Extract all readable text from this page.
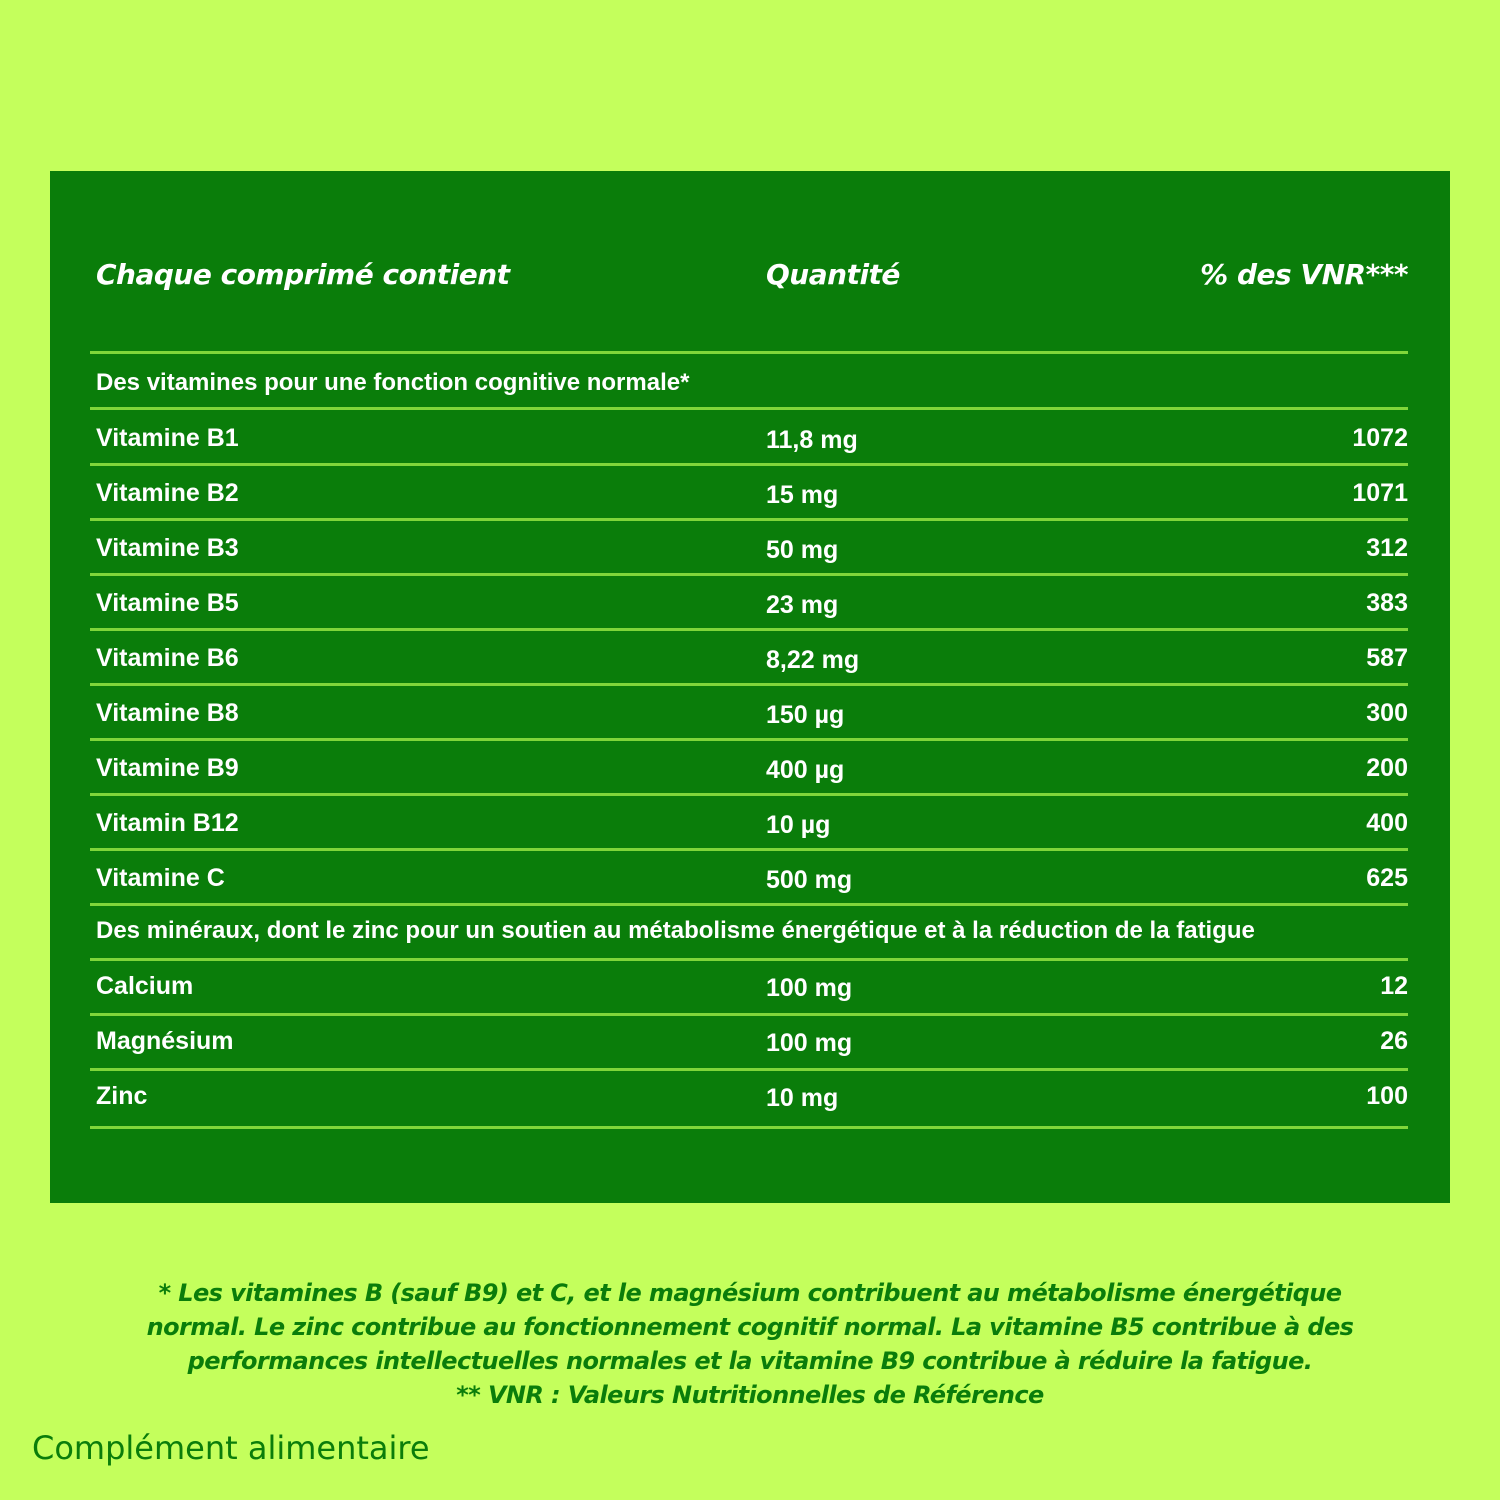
Chaque comprimé contient	Quantité	% des VNR***
Des vitamines pour une fonction cognitive normale*
Vitamine B1	11,8 mg	1072
Vitamine B2	15 mg	1071
Vitamine B3	50 mg	312
Vitamine B5	23 mg	383
Vitamine B6	8,22 mg	587
Vitamine B8	150 µg	300
Vitamine B9	400 µg	200
Vitamin B12	10 µg	400
Vitamine C	500 mg	625
Des minéraux, dont le zinc pour un soutien au métabolisme énergétique et à la réduction de la fatigue
Calcium	100 mg	12
Magnésium	100 mg	26
Zinc	10 mg	100
* Les vitamines B (sauf B9) et C, et le magnésium contribuent au métabolisme énergétique
normal. Le zinc contribue au fonctionnement cognitif normal. La vitamine B5 contribue à des
performances intellectuelles normales et la vitamine B9 contribue à réduire la fatigue.
** VNR : Valeurs Nutritionnelles de Référence
Complément alimentaire
